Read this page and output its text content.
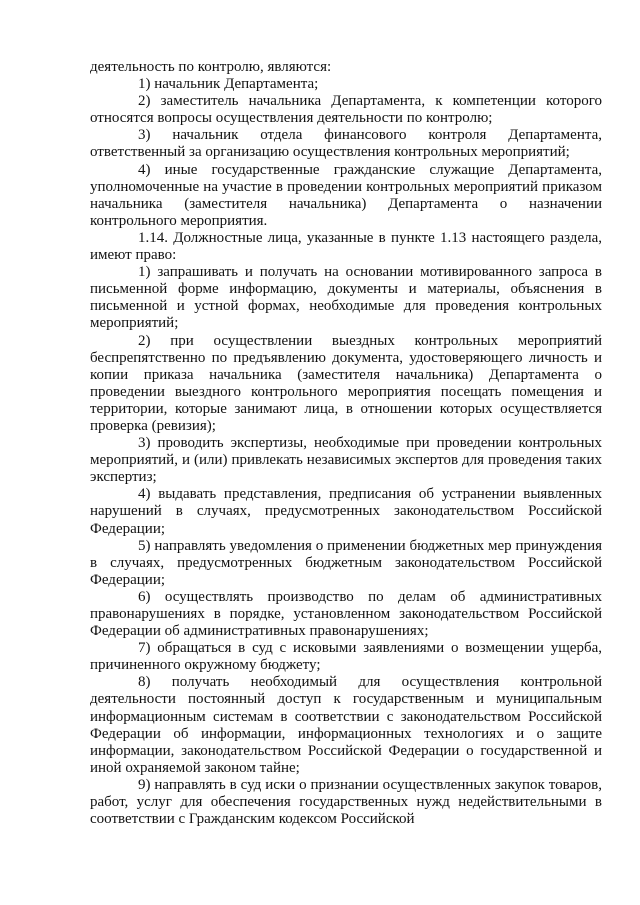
деятельность по контролю, являются:

1) начальник Департамента;

2) заместитель начальника Департамента, к компетенции которого относятся вопросы осуществления деятельности по контролю;

3) начальник отдела финансового контроля Департамента, ответственный за организацию осуществления контрольных мероприятий;

4) иные государственные гражданские служащие Департамента, уполномоченные на участие в проведении контрольных мероприятий приказом начальника (заместителя начальника) Департамента о назначении контрольного мероприятия.

1.14. Должностные лица, указанные в пункте 1.13 настоящего раздела, имеют право:

1) запрашивать и получать на основании мотивированного запроса в письменной форме информацию, документы и материалы, объяснения в письменной и устной формах, необходимые для проведения контрольных мероприятий;

2) при осуществлении выездных контрольных мероприятий беспрепятственно по предъявлению документа, удостоверяющего личность и копии приказа начальника (заместителя начальника) Департамента о проведении выездного контрольного мероприятия посещать помещения и территории, которые занимают лица, в отношении которых осуществляется проверка (ревизия);

3) проводить экспертизы, необходимые при проведении контрольных мероприятий, и (или) привлекать независимых экспертов для проведения таких экспертиз;

4) выдавать представления, предписания об устранении выявленных нарушений в случаях, предусмотренных законодательством Российской Федерации;

5) направлять уведомления о применении бюджетных мер принуждения в случаях, предусмотренных бюджетным законодательством Российской Федерации;

6) осуществлять производство по делам об административных правонарушениях в порядке, установленном законодательством Российской Федерации об административных правонарушениях;

7) обращаться в суд с исковыми заявлениями о возмещении ущерба, причиненного окружному бюджету;

8) получать необходимый для осуществления контрольной деятельности постоянный доступ к государственным и муниципальным информационным системам в соответствии с законодательством Российской Федерации об информации, информационных технологиях и о защите информации, законодательством Российской Федерации о государственной и иной охраняемой законом тайне;

9) направлять в суд иски о признании осуществленных закупок товаров, работ, услуг для обеспечения государственных нужд недействительными в соответствии с Гражданским кодексом Российской
